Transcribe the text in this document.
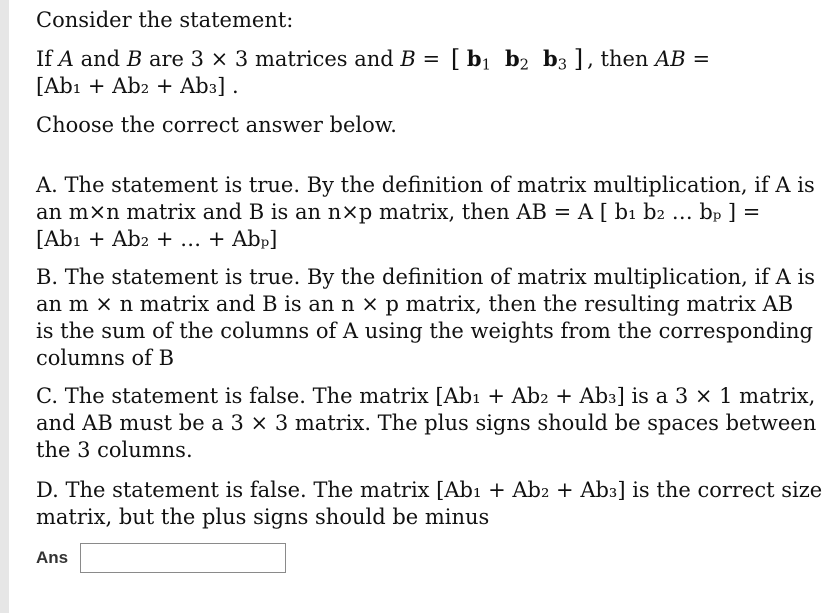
Consider the statement:
If A and B are 3 × 3 matrices and B = [ $b_1$ $b_2$ $b_3$ ] , then AB =
[Ab₁ + Ab₂ + Ab₃] .
Choose the correct answer below.
A. The statement is true. By the definition of matrix multiplication, if A is
an m×n matrix and B is an n×p matrix, then AB = A [ b₁ b₂ … bₚ ] =
[Ab₁ + Ab₂ + … + Abₚ]
B. The statement is true. By the definition of matrix multiplication, if A is
an m × n matrix and B is an n × p matrix, then the resulting matrix AB
is the sum of the columns of A using the weights from the corresponding
columns of B
C. The statement is false. The matrix [Ab₁ + Ab₂ + Ab₃] is a 3 × 1 matrix,
and AB must be a 3 × 3 matrix. The plus signs should be spaces between
the 3 columns.
D. The statement is false. The matrix [Ab₁ + Ab₂ + Ab₃] is the correct size
matrix, but the plus signs should be minus
Ans
